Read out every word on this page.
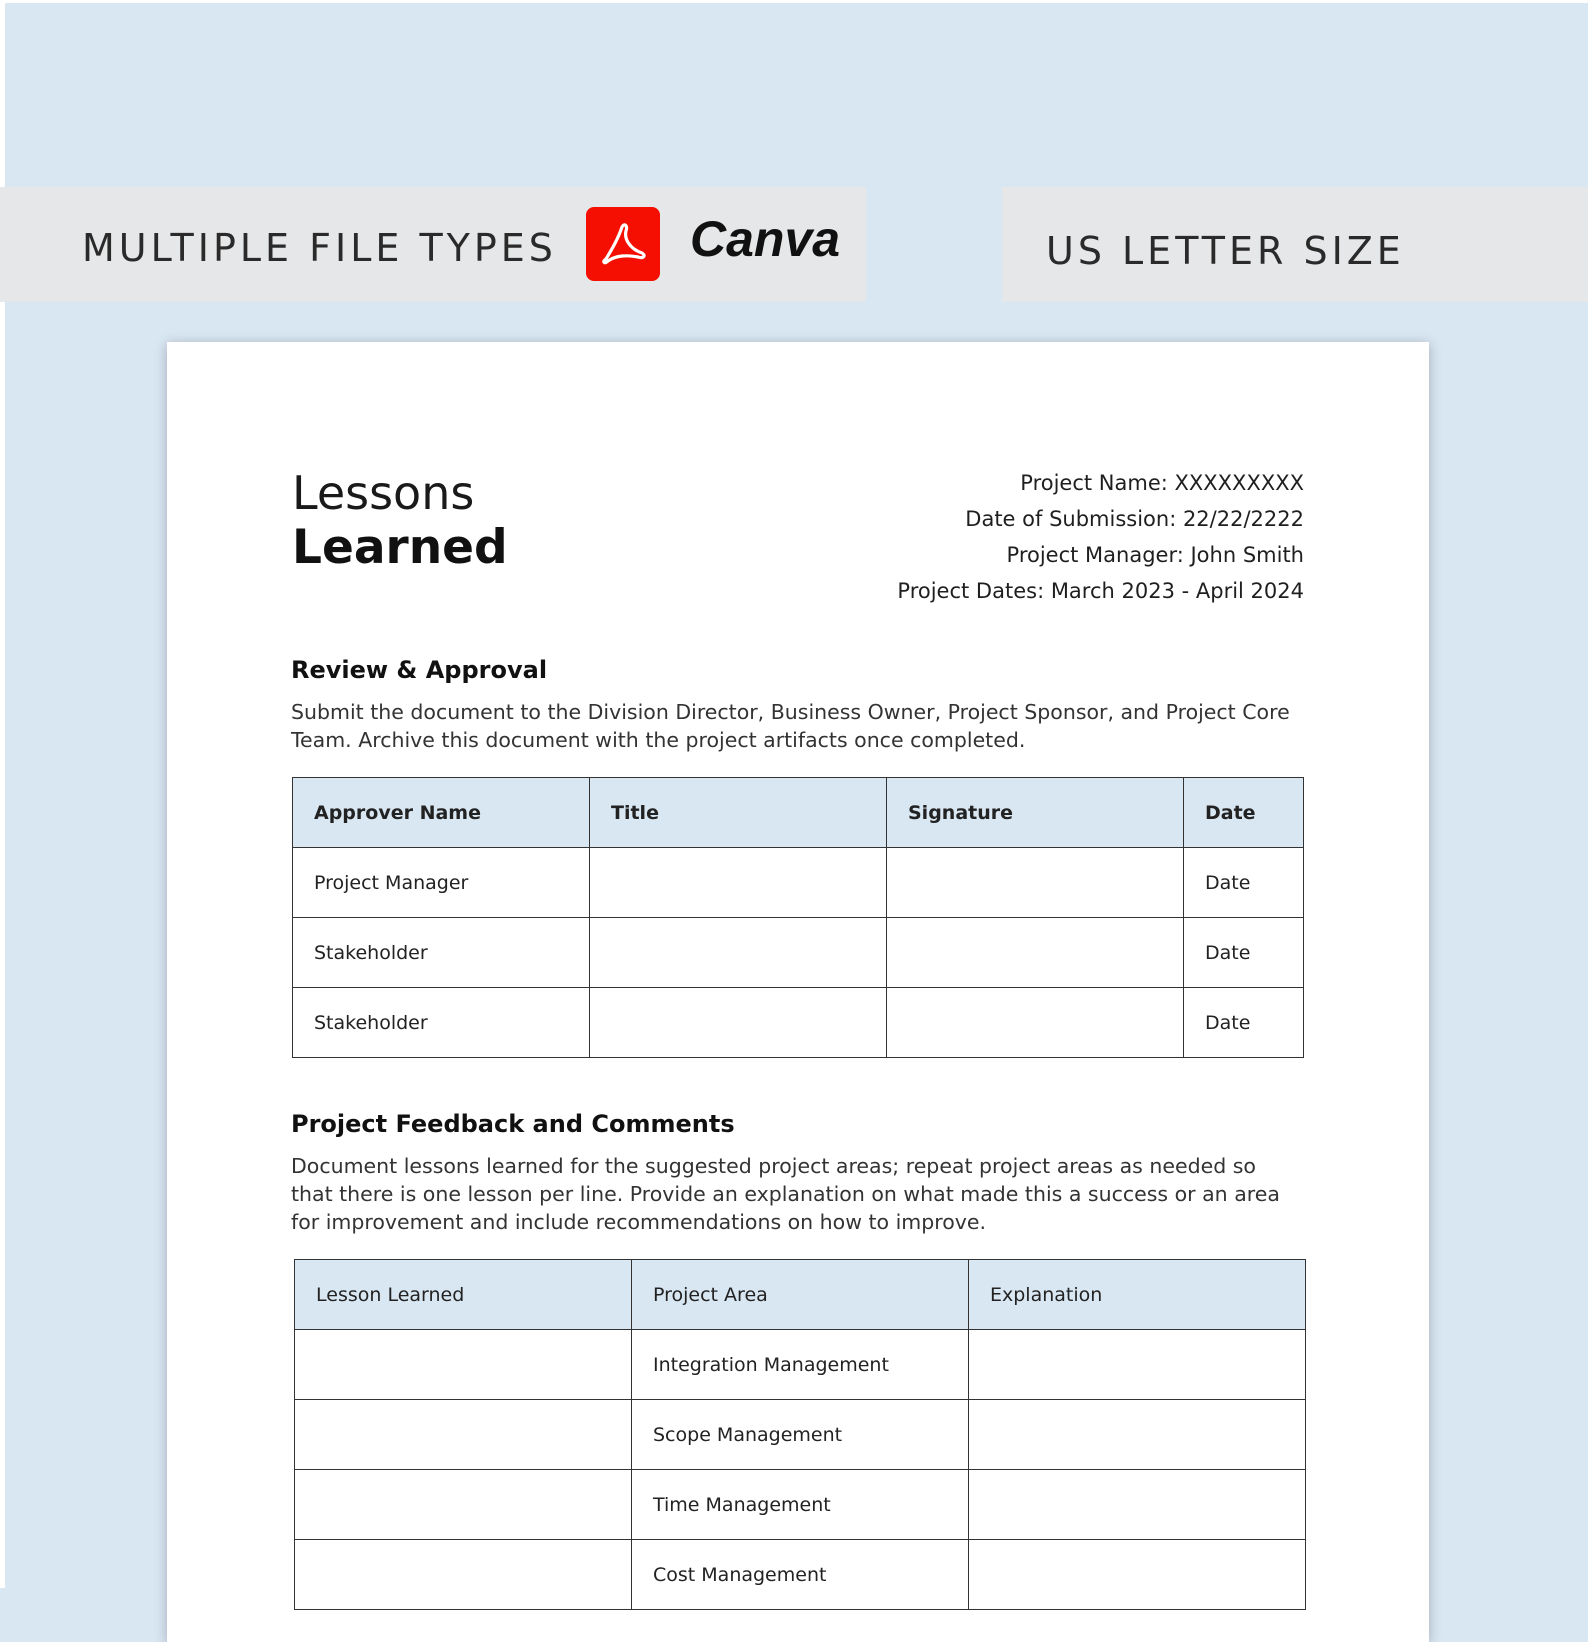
MULTIPLE FILE TYPES	Canva	US LETTER SIZE
Lessons
Learned
Project Name: XXXXXXXXX
Date of Submission: 22/22/2222
Project Manager: John Smith
Project Dates: March 2023 - April 2024
Review & Approval
Submit the document to the Division Director, Business Owner, Project Sponsor, and Project Core Team. Archive this document with the project artifacts once completed.
Approver Name	Title	Signature	Date
Project Manager			Date
Stakeholder			Date
Stakeholder			Date
Project Feedback and Comments
Document lessons learned for the suggested project areas; repeat project areas as needed so that there is one lesson per line. Provide an explanation on what made this a success or an area for improvement and include recommendations on how to improve.
Lesson Learned	Project Area	Explanation
	Integration Management	
	Scope Management	
	Time Management	
	Cost Management	
